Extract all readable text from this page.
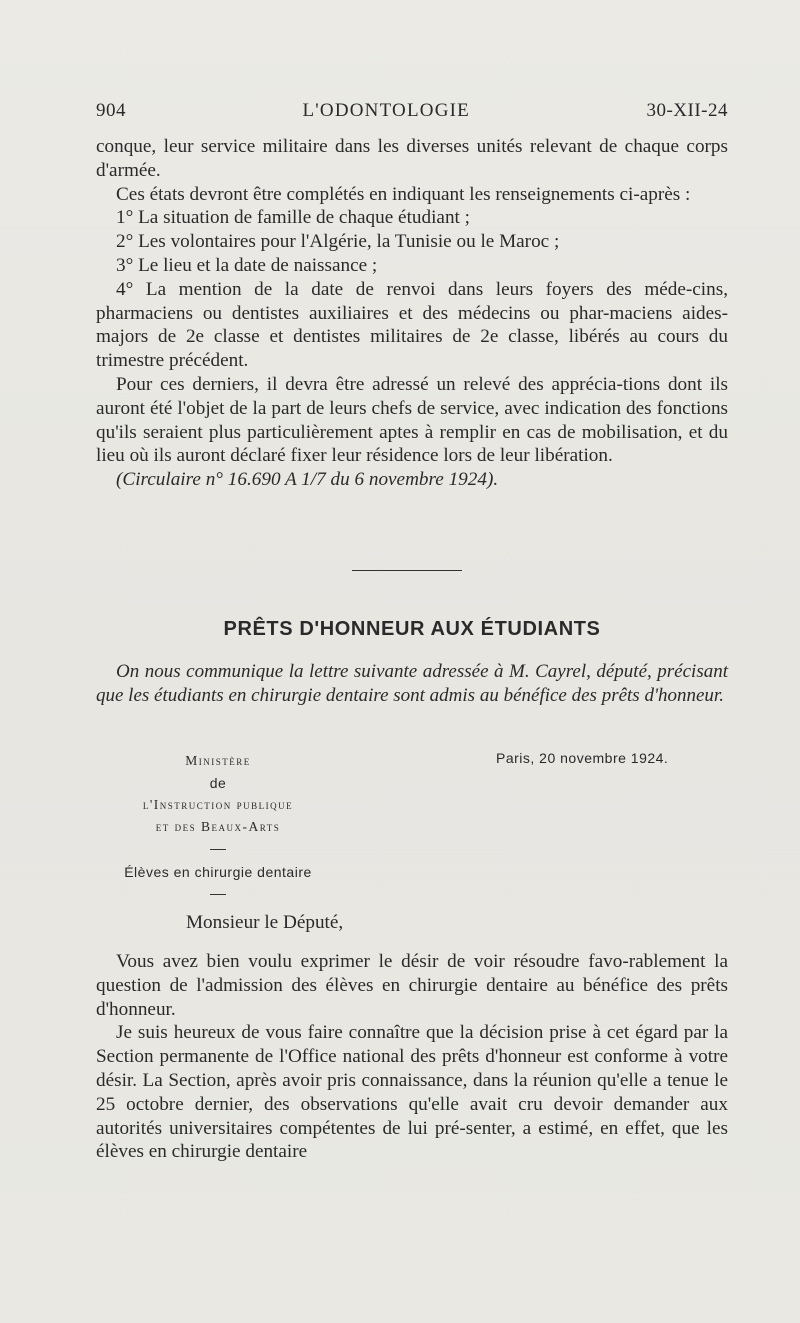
904	L'ODONTOLOGIE	30-XII-24

conque, leur service militaire dans les diverses unités relevant de chaque corps d'armée.

Ces états devront être complétés en indiquant les renseignements ci-après :

1° La situation de famille de chaque étudiant ;

2° Les volontaires pour l'Algérie, la Tunisie ou le Maroc ;

3° Le lieu et la date de naissance ;

4° La mention de la date de renvoi dans leurs foyers des méde-cins, pharmaciens ou dentistes auxiliaires et des médecins ou phar-maciens aides-majors de 2e classe et dentistes militaires de 2e classe, libérés au cours du trimestre précédent.

Pour ces derniers, il devra être adressé un relevé des apprécia-tions dont ils auront été l'objet de la part de leurs chefs de service, avec indication des fonctions qu'ils seraient plus particulièrement aptes à remplir en cas de mobilisation, et du lieu où ils auront déclaré fixer leur résidence lors de leur libération.

(Circulaire n° 16.690 A 1/7 du 6 novembre 1924).

PRÊTS D'HONNEUR AUX ÉTUDIANTS

On nous communique la lettre suivante adressée à M. Cayrel, député, précisant que les étudiants en chirurgie dentaire sont admis au bénéfice des prêts d'honneur.

Ministère
de
l'Instruction publique
et des Beaux-Arts
Élèves en chirurgie dentaire
Paris, 20 novembre 1924.
Monsieur le Député,

Vous avez bien voulu exprimer le désir de voir résoudre favo-rablement la question de l'admission des élèves en chirurgie dentaire au bénéfice des prêts d'honneur.

Je suis heureux de vous faire connaître que la décision prise à cet égard par la Section permanente de l'Office national des prêts d'honneur est conforme à votre désir. La Section, après avoir pris connaissance, dans la réunion qu'elle a tenue le 25 octobre dernier, des observations qu'elle avait cru devoir demander aux autorités universitaires compétentes de lui pré-senter, a estimé, en effet, que les élèves en chirurgie dentaire
